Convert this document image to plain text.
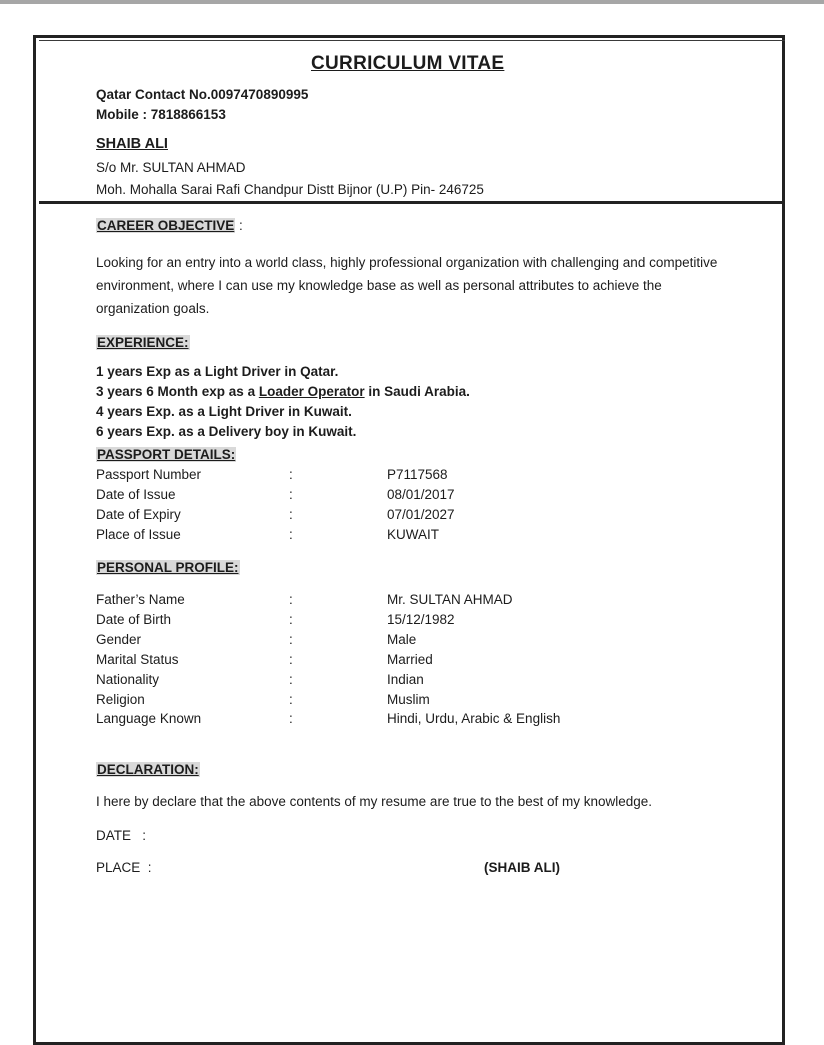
CURRICULUM VITAE
Qatar Contact No.0097470890995
Mobile : 7818866153
SHAIB ALI
S/o Mr. SULTAN AHMAD
Moh. Mohalla Sarai Rafi Chandpur Distt Bijnor (U.P) Pin- 246725
CAREER OBJECTIVE :
Looking for an entry into a world class, highly professional organization with challenging and competitive environment, where I can use my knowledge base as well as personal attributes to achieve the organization goals.
EXPERIENCE:
1 years Exp as a Light Driver in Qatar.
3 years 6 Month exp as a Loader Operator in Saudi Arabia.
4 years Exp. as a Light Driver in Kuwait.
6 years Exp. as a Delivery boy in Kuwait.
PASSPORT DETAILS:
Passport Number	:	P7117568
Date of Issue	:	08/01/2017
Date of Expiry	:	07/01/2027
Place of Issue	:	KUWAIT
PERSONAL PROFILE:
Father’s Name	:	Mr. SULTAN AHMAD
Date of Birth	:	15/12/1982
Gender	:	Male
Marital Status	:	Married
Nationality	:	Indian
Religion	:	Muslim
Language Known	:	Hindi, Urdu, Arabic & English
DECLARATION:
I here by declare that the above contents of my resume are true to the best of my knowledge.
DATE   :
PLACE  :	(SHAIB ALI)
